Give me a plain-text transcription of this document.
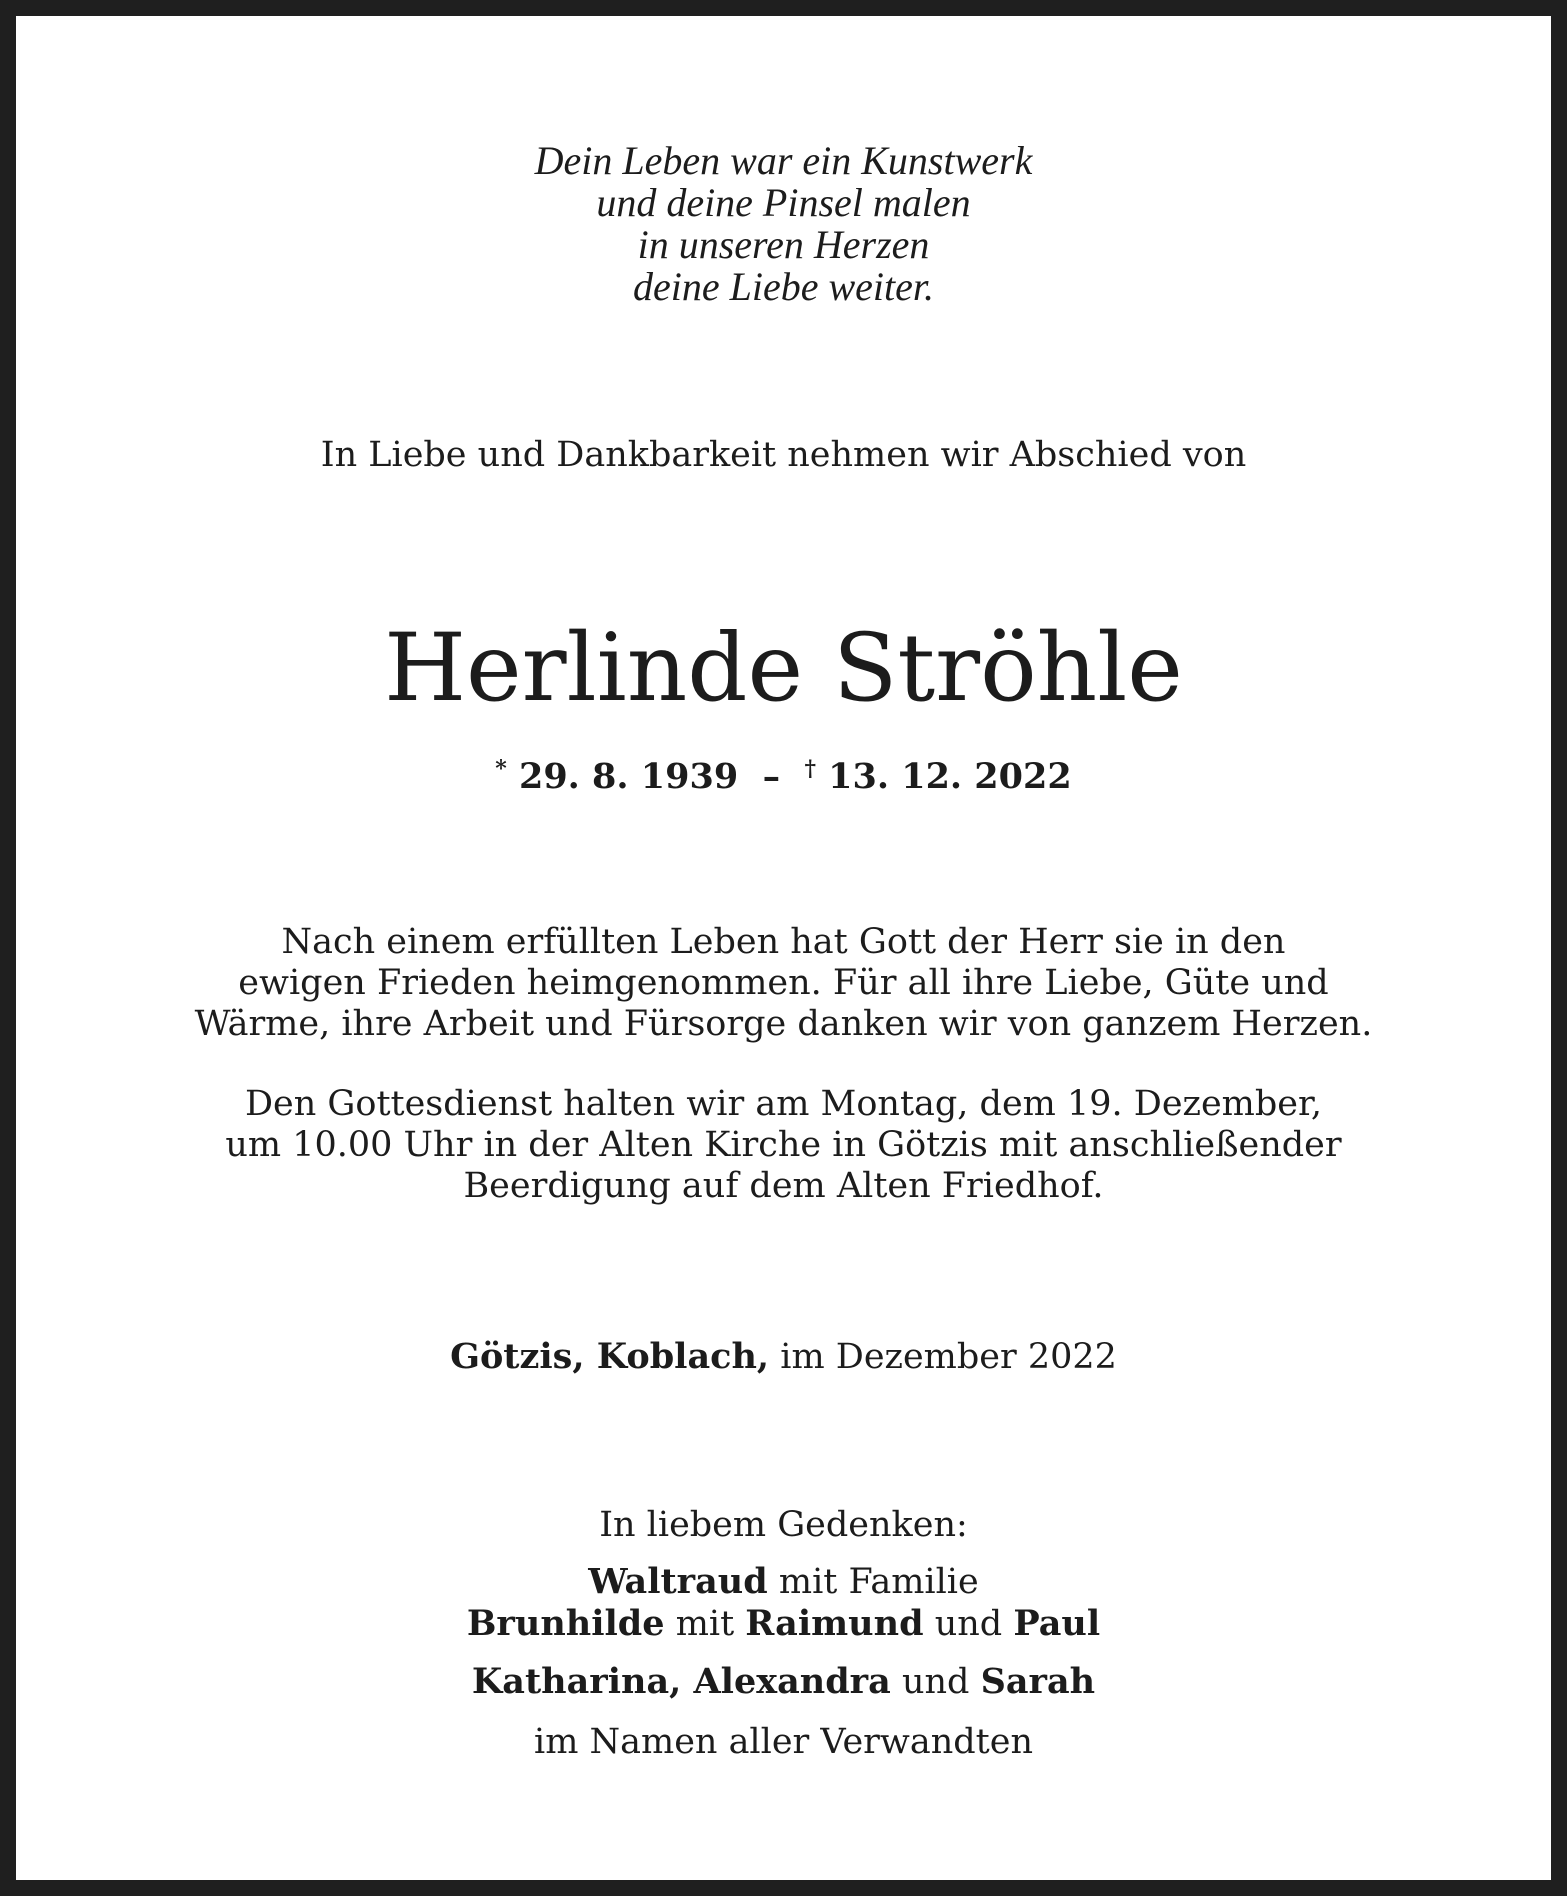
Dein Leben war ein Kunstwerk
und deine Pinsel malen
in unseren Herzen
deine Liebe weiter.
In Liebe und Dankbarkeit nehmen wir Abschied von
Herlinde Ströhle
* 29. 8. 1939 – † 13. 12. 2022
Nach einem erfüllten Leben hat Gott der Herr sie in den
ewigen Frieden heimgenommen. Für all ihre Liebe, Güte und
Wärme, ihre Arbeit und Fürsorge danken wir von ganzem Herzen.
Den Gottesdienst halten wir am Montag, dem 19. Dezember,
um 10.00 Uhr in der Alten Kirche in Götzis mit anschließender
Beerdigung auf dem Alten Friedhof.
Götzis, Koblach, im Dezember 2022
In liebem Gedenken:
Waltraud mit Familie
Brunhilde mit Raimund und Paul
Katharina, Alexandra und Sarah
im Namen aller Verwandten
